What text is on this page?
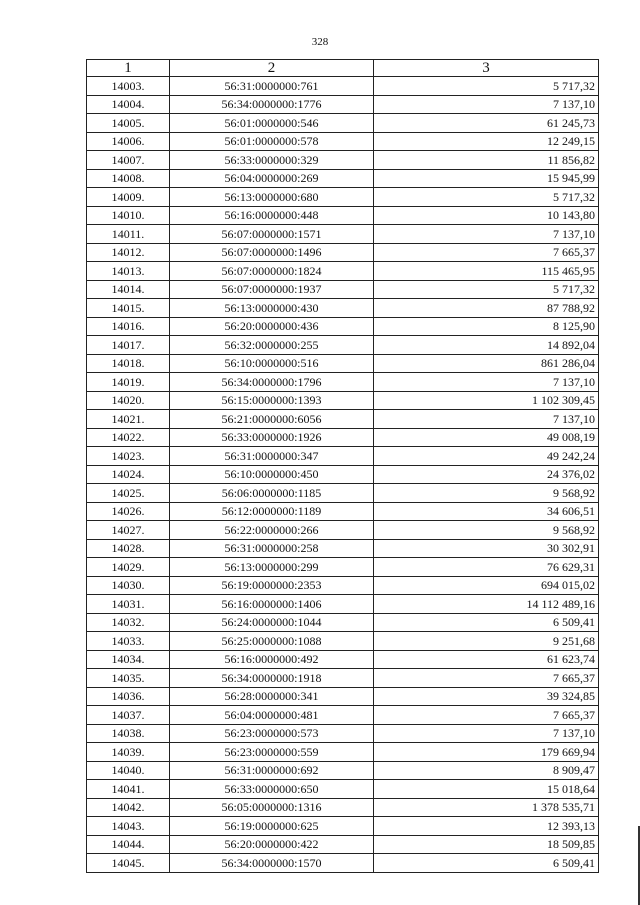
328
1	2	3
14003.	56:31:0000000:761	5 717,32
14004.	56:34:0000000:1776	7 137,10
14005.	56:01:0000000:546	61 245,73
14006.	56:01:0000000:578	12 249,15
14007.	56:33:0000000:329	11 856,82
14008.	56:04:0000000:269	15 945,99
14009.	56:13:0000000:680	5 717,32
14010.	56:16:0000000:448	10 143,80
14011.	56:07:0000000:1571	7 137,10
14012.	56:07:0000000:1496	7 665,37
14013.	56:07:0000000:1824	115 465,95
14014.	56:07:0000000:1937	5 717,32
14015.	56:13:0000000:430	87 788,92
14016.	56:20:0000000:436	8 125,90
14017.	56:32:0000000:255	14 892,04
14018.	56:10:0000000:516	861 286,04
14019.	56:34:0000000:1796	7 137,10
14020.	56:15:0000000:1393	1 102 309,45
14021.	56:21:0000000:6056	7 137,10
14022.	56:33:0000000:1926	49 008,19
14023.	56:31:0000000:347	49 242,24
14024.	56:10:0000000:450	24 376,02
14025.	56:06:0000000:1185	9 568,92
14026.	56:12:0000000:1189	34 606,51
14027.	56:22:0000000:266	9 568,92
14028.	56:31:0000000:258	30 302,91
14029.	56:13:0000000:299	76 629,31
14030.	56:19:0000000:2353	694 015,02
14031.	56:16:0000000:1406	14 112 489,16
14032.	56:24:0000000:1044	6 509,41
14033.	56:25:0000000:1088	9 251,68
14034.	56:16:0000000:492	61 623,74
14035.	56:34:0000000:1918	7 665,37
14036.	56:28:0000000:341	39 324,85
14037.	56:04:0000000:481	7 665,37
14038.	56:23:0000000:573	7 137,10
14039.	56:23:0000000:559	179 669,94
14040.	56:31:0000000:692	8 909,47
14041.	56:33:0000000:650	15 018,64
14042.	56:05:0000000:1316	1 378 535,71
14043.	56:19:0000000:625	12 393,13
14044.	56:20:0000000:422	18 509,85
14045.	56:34:0000000:1570	6 509,41
